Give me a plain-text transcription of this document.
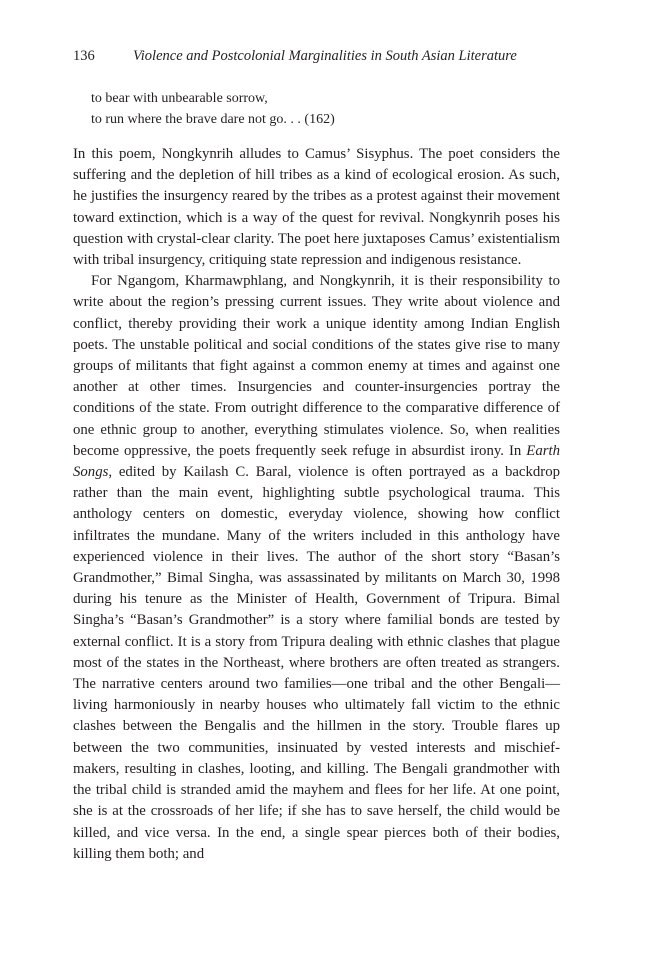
136	Violence and Postcolonial Marginalities in South Asian Literature
to bear with unbearable sorrow,
to run where the brave dare not go. . . (162)

In this poem, Nongkynrih alludes to Camus’ Sisyphus. The poet considers the suffering and the depletion of hill tribes as a kind of ecological erosion. As such, he justifies the insurgency reared by the tribes as a protest against their movement toward extinction, which is a way of the quest for revival. Nongkynrih poses his question with crystal-clear clarity. The poet here juxtaposes Camus’ existentialism with tribal insurgency, critiquing state repression and indigenous resistance.

For Ngangom, Kharmawphlang, and Nongkynrih, it is their responsibility to write about the region’s pressing current issues. They write about violence and conflict, thereby providing their work a unique identity among Indian English poets. The unstable political and social conditions of the states give rise to many groups of militants that fight against a common enemy at times and against one another at other times. Insurgencies and counter-insurgencies portray the conditions of the state. From outright difference to the comparative difference of one ethnic group to another, everything stimulates violence. So, when realities become oppressive, the poets frequently seek refuge in absurdist irony. In Earth Songs, edited by Kailash C. Baral, violence is often portrayed as a backdrop rather than the main event, highlighting subtle psychological trauma. This anthology centers on domestic, everyday violence, showing how conflict infiltrates the mundane. Many of the writers included in this anthology have experienced violence in their lives. The author of the short story “Basan’s Grandmother,” Bimal Singha, was assassinated by militants on March 30, 1998 during his tenure as the Minister of Health, Government of Tripura. Bimal Singha’s “Basan’s Grandmother” is a story where familial bonds are tested by external conflict. It is a story from Tripura dealing with ethnic clashes that plague most of the states in the Northeast, where brothers are often treated as strangers. The narrative centers around two families—one tribal and the other Bengali—living harmoniously in nearby houses who ultimately fall victim to the ethnic clashes between the Bengalis and the hillmen in the story. Trouble flares up between the two communities, insinuated by vested interests and mischief-makers, resulting in clashes, looting, and killing. The Bengali grandmother with the tribal child is stranded amid the mayhem and flees for her life. At one point, she is at the crossroads of her life; if she has to save herself, the child would be killed, and vice versa. In the end, a single spear pierces both of their bodies, killing them both; and
